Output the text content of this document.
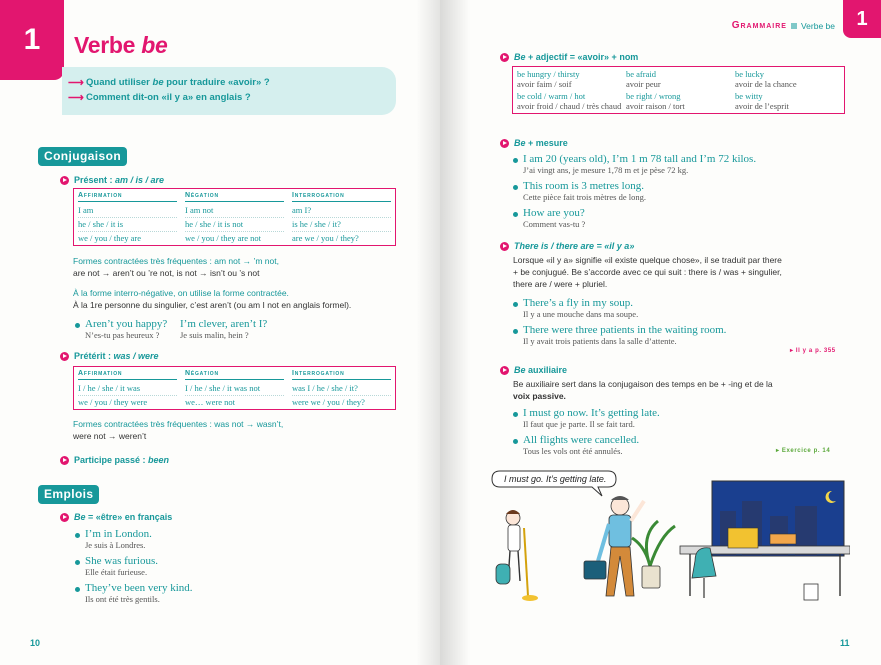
1	Verbe be
⟶ Quand utiliser be pour traduire «avoir» ?
⟶ Comment dit-on «il y a» en anglais ?
Conjugaison
Présent : am / is / are
Affirmation
I am
he / she / it is
we / you / they are
Négation
I am not
he / she / it is not
we / you / they are not
Interrogation
am I?
is he / she / it?
are we / you / they?
Formes contractées très fréquentes : am not → ’m not,
are not → aren’t ou ’re not, is not → isn’t ou ’s not
À la forme interro-négative, on utilise la forme contractée.
À la 1re personne du singulier, c’est aren’t (ou am I not en anglais formel).
Aren’t you happy?
N’es-tu pas heureux ?
I’m clever, aren’t I?
Je suis malin, hein ?
Prétérit : was / were
Affirmation
I / he / she / it was
we / you / they were
Négation
I / he / she / it was not
we… were not
Interrogation
was I / he / she / it?
were we / you / they?
Formes contractées très fréquentes : was not → wasn’t,
were not → weren’t
Participe passé : been
Emplois
Be = «être» en français
I’m in London.
Je suis à Londres.
She was furious.
Elle était furieuse.
They’ve been very kind.
Ils ont été très gentils.
10
1
Grammaire Verbe be
Be + adjectif = «avoir» + nom
be hungry / thirsty
avoir faim / soif
be afraid
avoir peur
be lucky
avoir de la chance
be cold / warm / hot
avoir froid / chaud / très chaud
be right / wrong
avoir raison / tort
be witty
avoir de l’esprit
Be + mesure
I am 20 (years old), I’m 1 m 78 tall and I’m 72 kilos.
J’ai vingt ans, je mesure 1,78 m et je pèse 72 kg.
This room is 3 metres long.
Cette pièce fait trois mètres de long.
How are you?
Comment vas-tu ?
There is / there are = «il y a»
Lorsque «il y a» signifie «il existe quelque chose», il se traduit par there
+ be conjugué. Be s’accorde avec ce qui suit : there is / was + singulier,
there are / were + pluriel.
There’s a fly in my soup.
Il y a une mouche dans ma soupe.
There were three patients in the waiting room.
Il y avait trois patients dans la salle d’attente.
▸ Il y a p. 355
Be auxiliaire
Be auxiliaire sert dans la conjugaison des temps en be + -ing et de la
voix passive.
I must go now. It’s getting late.
Il faut que je parte. Il se fait tard.
All flights were cancelled.
Tous les vols ont été annulés.	▸ Exercice p. 14
I must go. It’s getting late.
11
